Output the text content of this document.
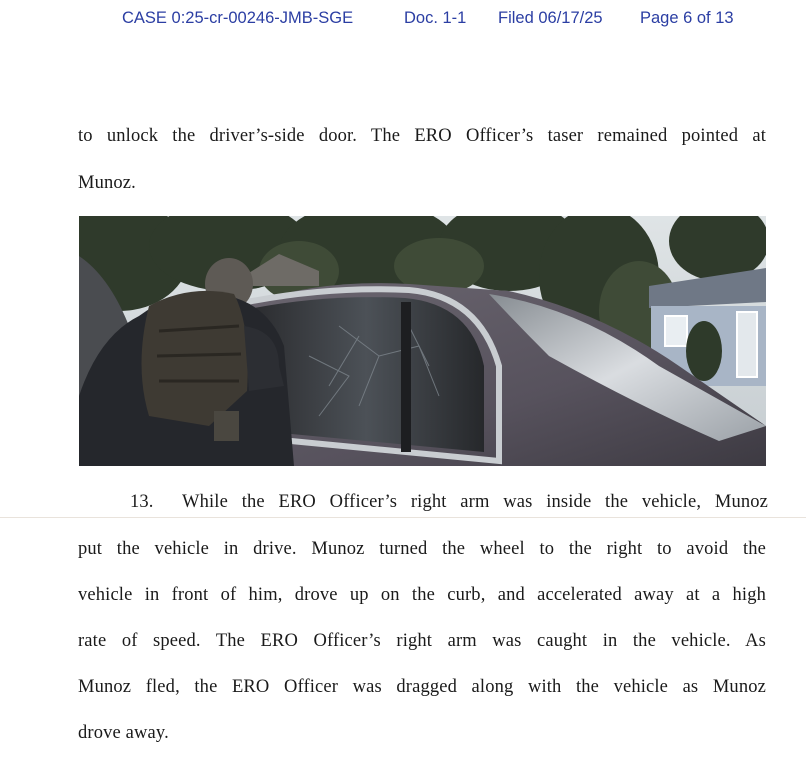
CASE 0:25-cr-00246-JMB-SGE	Doc. 1-1 Filed 06/17/25 Page 6 of 13
to unlock the driver’s-side door. The ERO Officer’s taser remained pointed at
Munoz.
13. While the ERO Officer’s right arm was inside the vehicle, Munoz
put the vehicle in drive. Munoz turned the wheel to the right to avoid the
vehicle in front of him, drove up on the curb, and accelerated away at a high
rate of speed. The ERO Officer’s right arm was caught in the vehicle. As
Munoz fled, the ERO Officer was dragged along with the vehicle as Munoz
drove away.
